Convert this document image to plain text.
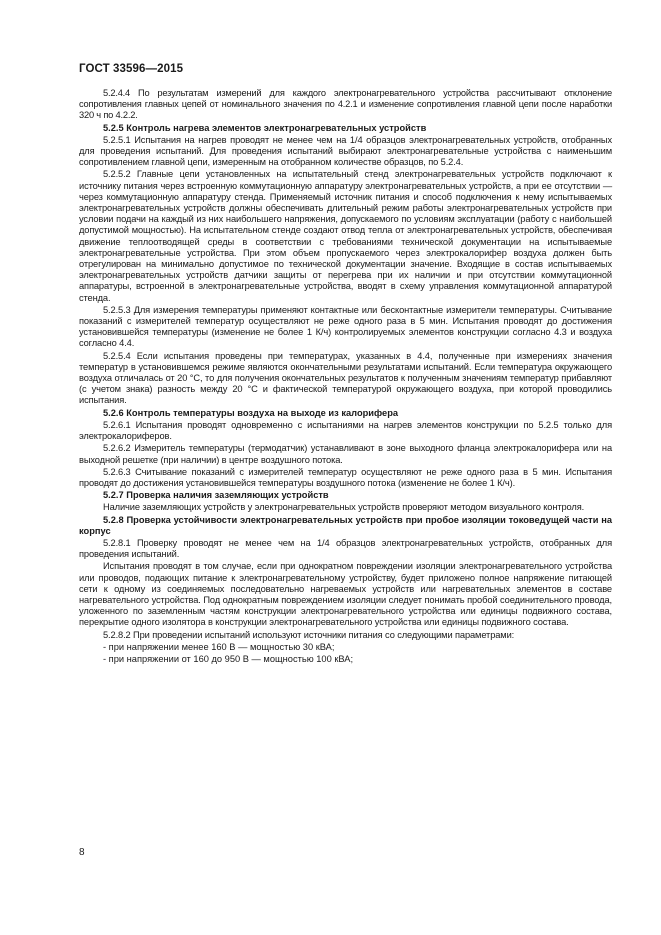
ГОСТ 33596—2015

5.2.4.4 По результатам измерений для каждого электронагревательного устройства рассчитывают отклонение сопротивления главных цепей от номинального значения по 4.2.1 и изменение сопротивления главной цепи после наработки 320 ч по 4.2.2.

5.2.5 Контроль нагрева элементов электронагревательных устройств

5.2.5.1 Испытания на нагрев проводят не менее чем на 1/4 образцов электронагревательных устройств, отобранных для проведения испытаний. Для проведения испытаний выбирают электронагревательные устройства с наименьшим сопротивлением главной цепи, измеренным на отобранном количестве образцов, по 5.2.4.

5.2.5.2 Главные цепи установленных на испытательный стенд электронагревательных устройств подключают к источнику питания через встроенную коммутационную аппаратуру электронагревательных устройств, а при ее отсутствии — через коммутационную аппаратуру стенда. Применяемый источник питания и способ подключения к нему испытываемых электронагревательных устройств должны обеспечивать длительный режим работы электронагревательных устройств при условии подачи на каждый из них наибольшего напряжения, допускаемого по условиям эксплуатации (работу с наибольшей допустимой мощностью). На испытательном стенде создают отвод тепла от электронагревательных устройств, обеспечивая движение теплоотводящей среды в соответствии с требованиями технической документации на испытываемые электронагревательные устройства. При этом объем пропускаемого через электрокалорифер воздуха должен быть отрегулирован на минимально допустимое по технической документации значение. Входящие в состав испытываемых электронагревательных устройств датчики защиты от перегрева при их наличии и при отсутствии коммутационной аппаратуры, встроенной в электронагревательные устройства, вводят в схему управления коммутационной аппаратурой стенда.

5.2.5.3 Для измерения температуры применяют контактные или бесконтактные измерители температуры. Считывание показаний с измерителей температур осуществляют не реже одного раза в 5 мин. Испытания проводят до достижения установившейся температуры (изменение не более 1 К/ч) контролируемых элементов конструкции согласно 4.3 и воздуха согласно 4.4.

5.2.5.4 Если испытания проведены при температурах, указанных в 4.4, полученные при измерениях значения температур в установившемся режиме являются окончательными результатами испытаний. Если температура окружающего воздуха отличалась от 20 °С, то для получения окончательных результатов к полученным значениям температур прибавляют (с учетом знака) разность между 20 °С и фактической температурой окружающего воздуха, при которой проводились испытания.

5.2.6 Контроль температуры воздуха на выходе из калорифера

5.2.6.1 Испытания проводят одновременно с испытаниями на нагрев элементов конструкции по 5.2.5 только для электрокалориферов.

5.2.6.2 Измеритель температуры (термодатчик) устанавливают в зоне выходного фланца электрокалорифера или на выходной решетке (при наличии) в центре воздушного потока.

5.2.6.3 Считывание показаний с измерителей температур осуществляют не реже одного раза в 5 мин. Испытания проводят до достижения установившейся температуры воздушного потока (изменение не более 1 К/ч).

5.2.7 Проверка наличия заземляющих устройств

Наличие заземляющих устройств у электронагревательных устройств проверяют методом визуального контроля.

5.2.8 Проверка устойчивости электронагревательных устройств при пробое изоляции токоведущей части на корпус

5.2.8.1 Проверку проводят не менее чем на 1/4 образцов электронагревательных устройств, отобранных для проведения испытаний.

Испытания проводят в том случае, если при однократном повреждении изоляции электронагревательного устройства или проводов, подающих питание к электронагревательному устройству, будет приложено полное напряжение питающей сети к одному из соединяемых последовательно нагреваемых устройств или нагревательных элементов в составе нагревательного устройства. Под однократным повреждением изоляции следует понимать пробой соединительного провода, уложенного по заземленным частям конструкции электронагревательного устройства или единицы подвижного состава, перекрытие одного изолятора в конструкции электронагревательного устройства или единицы подвижного состава.

5.2.8.2 При проведении испытаний используют источники питания со следующими параметрами:

- при напряжении менее 160 В — мощностью 30 кВА;

- при напряжении от 160 до 950 В — мощностью 100 кВА;

8
